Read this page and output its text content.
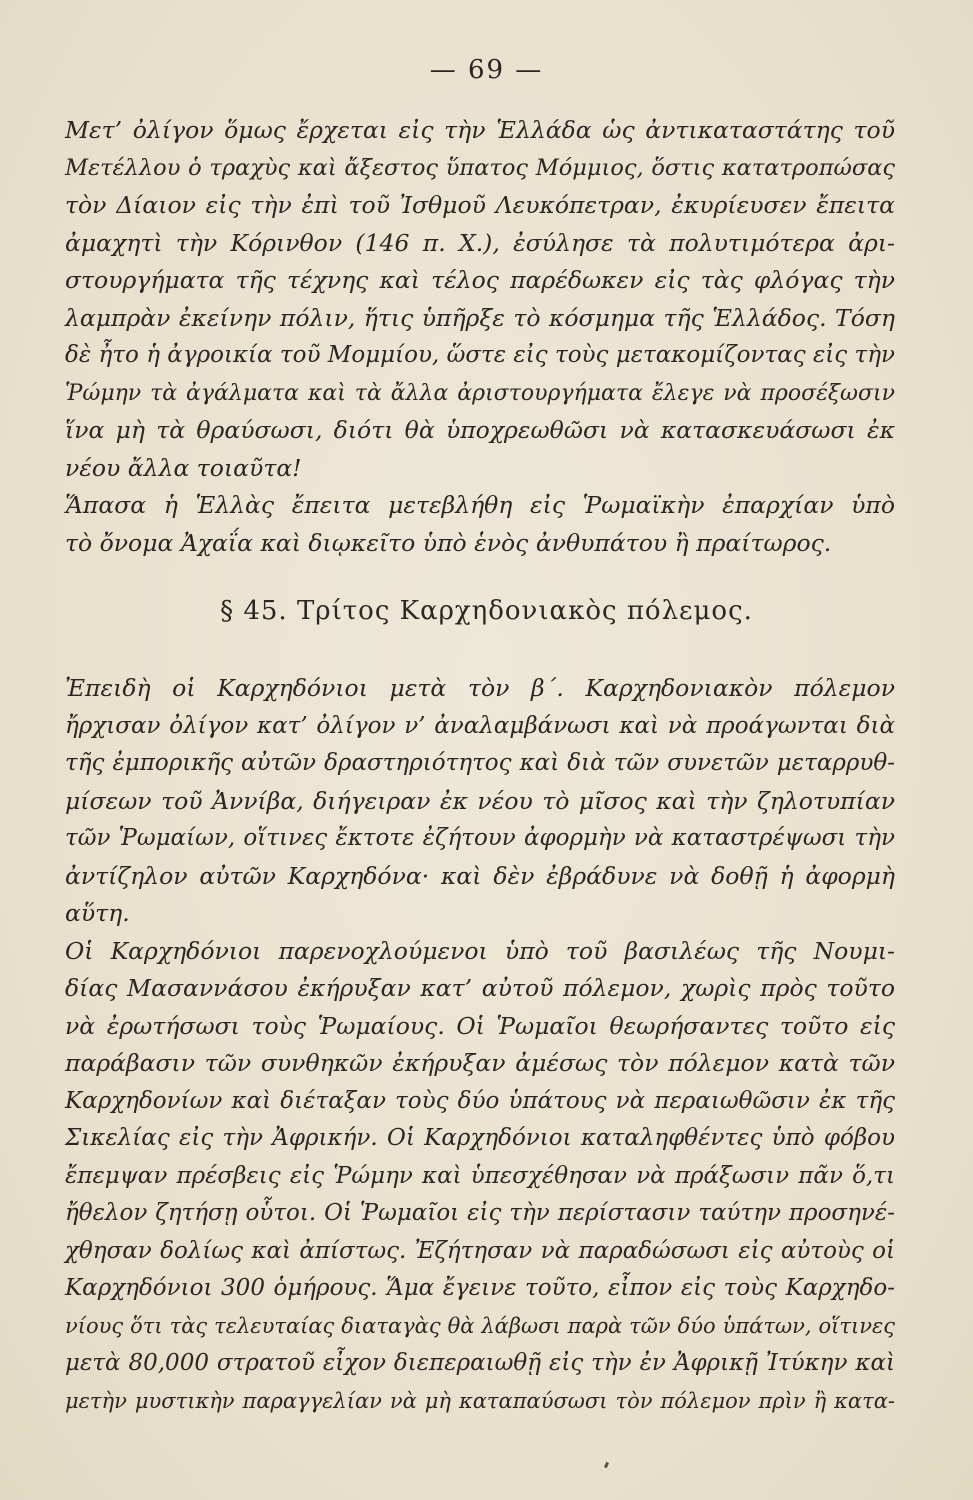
— 69 —
Μετ’ ὀλίγον ὅμως ἔρχεται εἰς τὴν Ἑλλάδα ὡς ἀντικαταστάτης τοῦ
Μετέλλου ὁ τραχὺς καὶ ἄξεστος ὕπατος Μόμμιος, ὅστις κατατροπώσας
τὸν Δίαιον εἰς τὴν ἐπὶ τοῦ Ἰσθμοῦ Λευκόπετραν, ἐκυρίευσεν ἔπειτα
ἀμαχητὶ τὴν Κόρινθον (146 π. Χ.), ἐσύλησε τὰ πολυτιμότερα ἀρι-
στουργήματα τῆς τέχνης καὶ τέλος παρέδωκεν εἰς τὰς φλόγας τὴν
λαμπρὰν ἐκείνην πόλιν, ἥτις ὑπῆρξε τὸ κόσμημα τῆς Ἑλλάδος. Τόση
δὲ ἦτο ἡ ἀγροικία τοῦ Μομμίου, ὥστε εἰς τοὺς μετακομίζοντας εἰς τὴν
Ῥώμην τὰ ἀγάλματα καὶ τὰ ἄλλα ἀριστουργήματα ἔλεγε νὰ προσέξωσιν
ἵνα μὴ τὰ θραύσωσι, διότι θὰ ὑποχρεωθῶσι νὰ κατασκευάσωσι ἐκ
νέου ἄλλα τοιαῦτα!
Ἅπασα ἡ Ἑλλὰς ἔπειτα μετεβλήθη εἰς Ῥωμαϊκὴν ἐπαρχίαν ὑπὸ
τὸ ὄνομα Ἀχαΐα καὶ διῳκεῖτο ὑπὸ ἑνὸς ἀνθυπάτου ἢ πραίτωρος.
§ 45. Τρίτος Καρχηδονιακὸς πόλεμος.
Ἐπειδὴ οἱ Καρχηδόνιοι μετὰ τὸν β΄. Καρχηδονιακὸν πόλεμον
ἤρχισαν ὀλίγον κατ’ ὀλίγον ν’ ἀναλαμβάνωσι καὶ νὰ προάγωνται διὰ
τῆς ἐμπορικῆς αὐτῶν δραστηριότητος καὶ διὰ τῶν συνετῶν μεταρρυθ-
μίσεων τοῦ Ἀννίβα, διήγειραν ἐκ νέου τὸ μῖσος καὶ τὴν ζηλοτυπίαν
τῶν Ῥωμαίων, οἵτινες ἔκτοτε ἐζήτουν ἀφορμὴν νὰ καταστρέψωσι τὴν
ἀντίζηλον αὐτῶν Καρχηδόνα· καὶ δὲν ἐβράδυνε νὰ δοθῇ ἡ ἀφορμὴ
αὕτη.
Οἱ Καρχηδόνιοι παρενοχλούμενοι ὑπὸ τοῦ βασιλέως τῆς Νουμι-
δίας Μασαννάσου ἐκήρυξαν κατ’ αὐτοῦ πόλεμον, χωρὶς πρὸς τοῦτο
νὰ ἐρωτήσωσι τοὺς Ῥωμαίους. Οἱ Ῥωμαῖοι θεωρήσαντες τοῦτο εἰς
παράβασιν τῶν συνθηκῶν ἐκήρυξαν ἀμέσως τὸν πόλεμον κατὰ τῶν
Καρχηδονίων καὶ διέταξαν τοὺς δύο ὑπάτους νὰ περαιωθῶσιν ἐκ τῆς
Σικελίας εἰς τὴν Ἀφρικήν. Οἱ Καρχηδόνιοι καταληφθέντες ὑπὸ φόβου
ἔπεμψαν πρέσβεις εἰς Ῥώμην καὶ ὑπεσχέθησαν νὰ πράξωσιν πᾶν ὅ,τι
ἤθελον ζητήσῃ οὗτοι. Οἱ Ῥωμαῖοι εἰς τὴν περίστασιν ταύτην προσηνέ-
χθησαν δολίως καὶ ἀπίστως. Ἐζήτησαν νὰ παραδώσωσι εἰς αὐτοὺς οἱ
Καρχηδόνιοι 300 ὁμήρους. Ἅμα ἔγεινε τοῦτο, εἶπον εἰς τοὺς Καρχηδο-
νίους ὅτι τὰς τελευταίας διαταγὰς θὰ λάβωσι παρὰ τῶν δύο ὑπάτων, οἵτινες
μετὰ 80,000 στρατοῦ εἶχον διεπεραιωθῇ εἰς τὴν ἐν Ἀφρικῇ Ἰτύκην καὶ
μετὴν μυστικὴν παραγγελίαν νὰ μὴ καταπαύσωσι τὸν πόλεμον πρὶν ἢ κατα-
